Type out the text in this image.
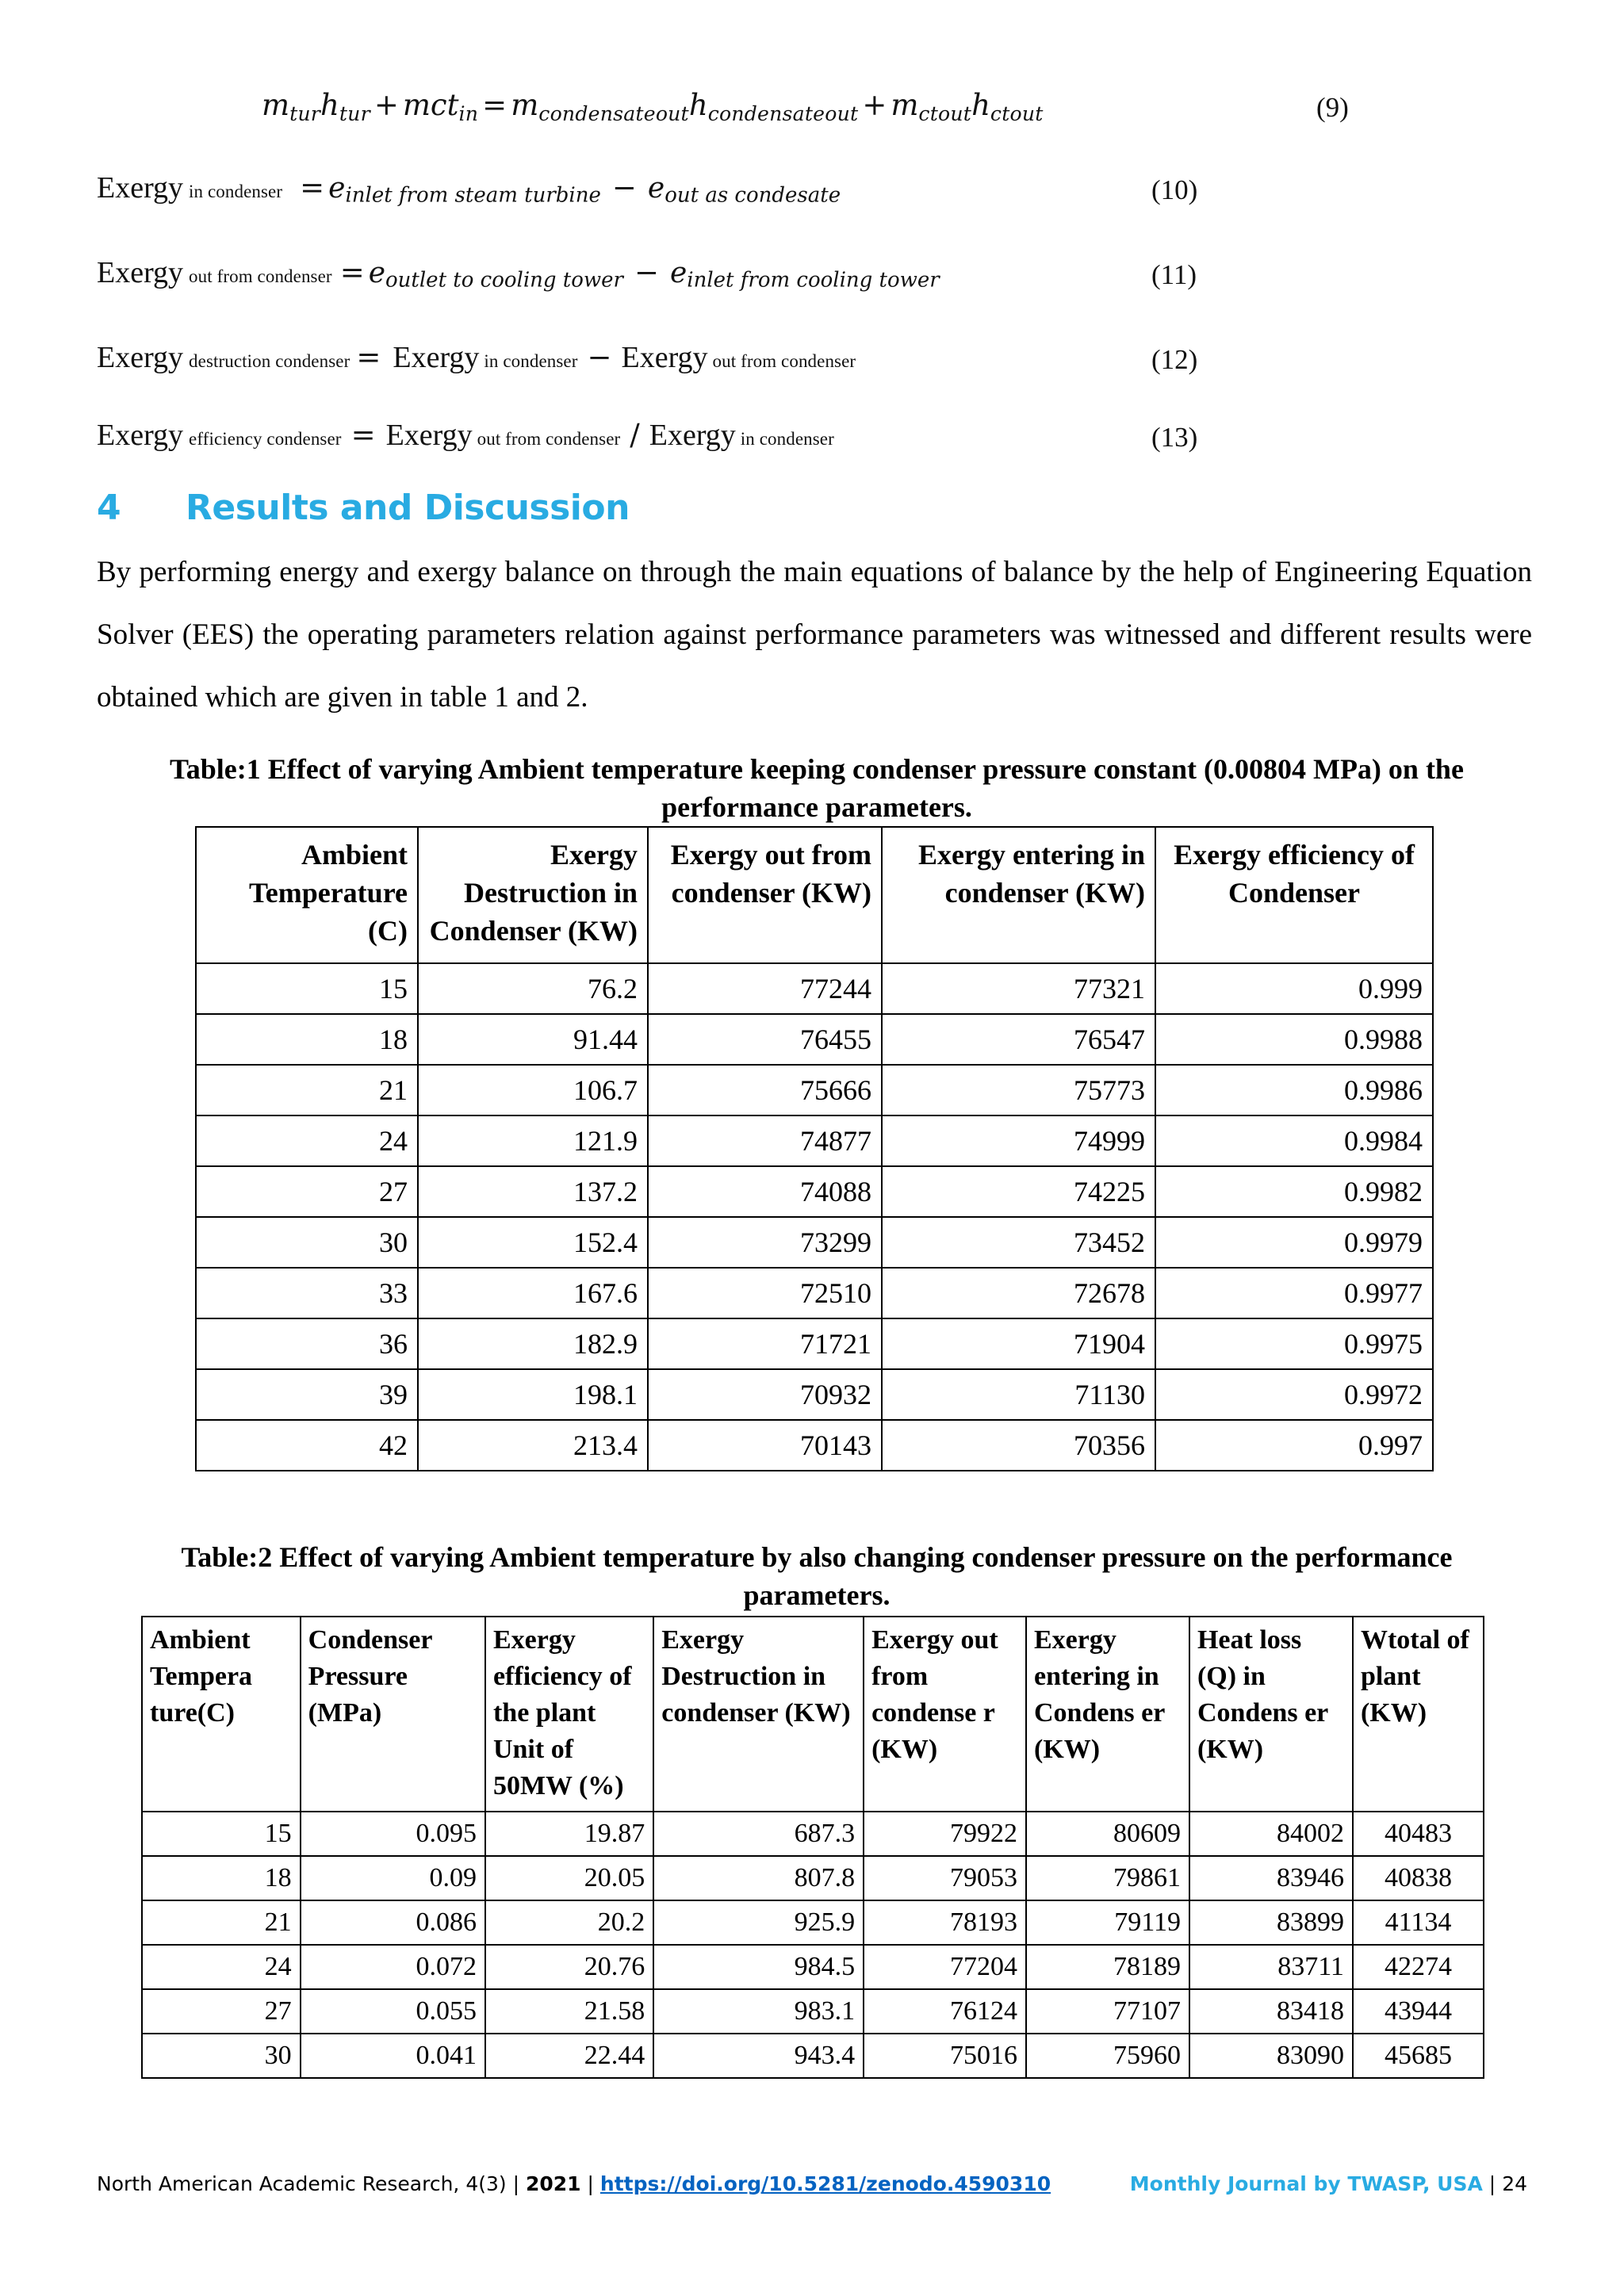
$m_{tur}h_{tur} + mct_{in} = m_{condensateout}h_{condensateout} + m_{ctout}h_{ctout}$	(9)
Exergy in condenser = einlet from steam turbine − eout as condesate	(10)
Exergy out from condenser = eoutlet to cooling tower − einlet from cooling tower	(11)
Exergy destruction condenser = Exergy in condenser − Exergy out from condenser	(12)
Exergy efficiency condenser = Exergy out from condenser / Exergy in condenser	(13)
4 Results and Discussion

By performing energy and exergy balance on through the main equations of balance by the help of Engineering Equation Solver (EES) the operating parameters relation against performance parameters was witnessed and different results were obtained which are given in table 1 and 2.

Table:1 Effect of varying Ambient temperature keeping condenser pressure constant (0.00804 MPa) on the performance parameters.
Ambient Temperature (C)	Exergy Destruction in Condenser (KW)	Exergy out from condenser (KW)	Exergy entering in condenser (KW)	Exergy efficiency of Condenser
15	76.2	77244	77321	0.999
18	91.44	76455	76547	0.9988
21	106.7	75666	75773	0.9986
24	121.9	74877	74999	0.9984
27	137.2	74088	74225	0.9982
30	152.4	73299	73452	0.9979
33	167.6	72510	72678	0.9977
36	182.9	71721	71904	0.9975
39	198.1	70932	71130	0.9972
42	213.4	70143	70356	0.997
Table:2 Effect of varying Ambient temperature by also changing condenser pressure on the performance parameters.
Ambient Tempera ture(C)	Condenser Pressure (MPa)	Exergy efficiency of the plant Unit of 50MW (%)	Exergy Destruction in condenser (KW)	Exergy out from condense r (KW)	Exergy entering in Condens er (KW)	Heat loss (Q) in Condens er (KW)	Wtotal of plant (KW)
15	0.095	19.87	687.3	79922	80609	84002	40483
18	0.09	20.05	807.8	79053	79861	83946	40838
21	0.086	20.2	925.9	78193	79119	83899	41134
24	0.072	20.76	984.5	77204	78189	83711	42274
27	0.055	21.58	983.1	76124	77107	83418	43944
30	0.041	22.44	943.4	75016	75960	83090	45685
North American Academic Research, 4(3) | 2021 | https://doi.org/10.5281/zenodo.4590310	Monthly Journal by TWASP, USA | 24
